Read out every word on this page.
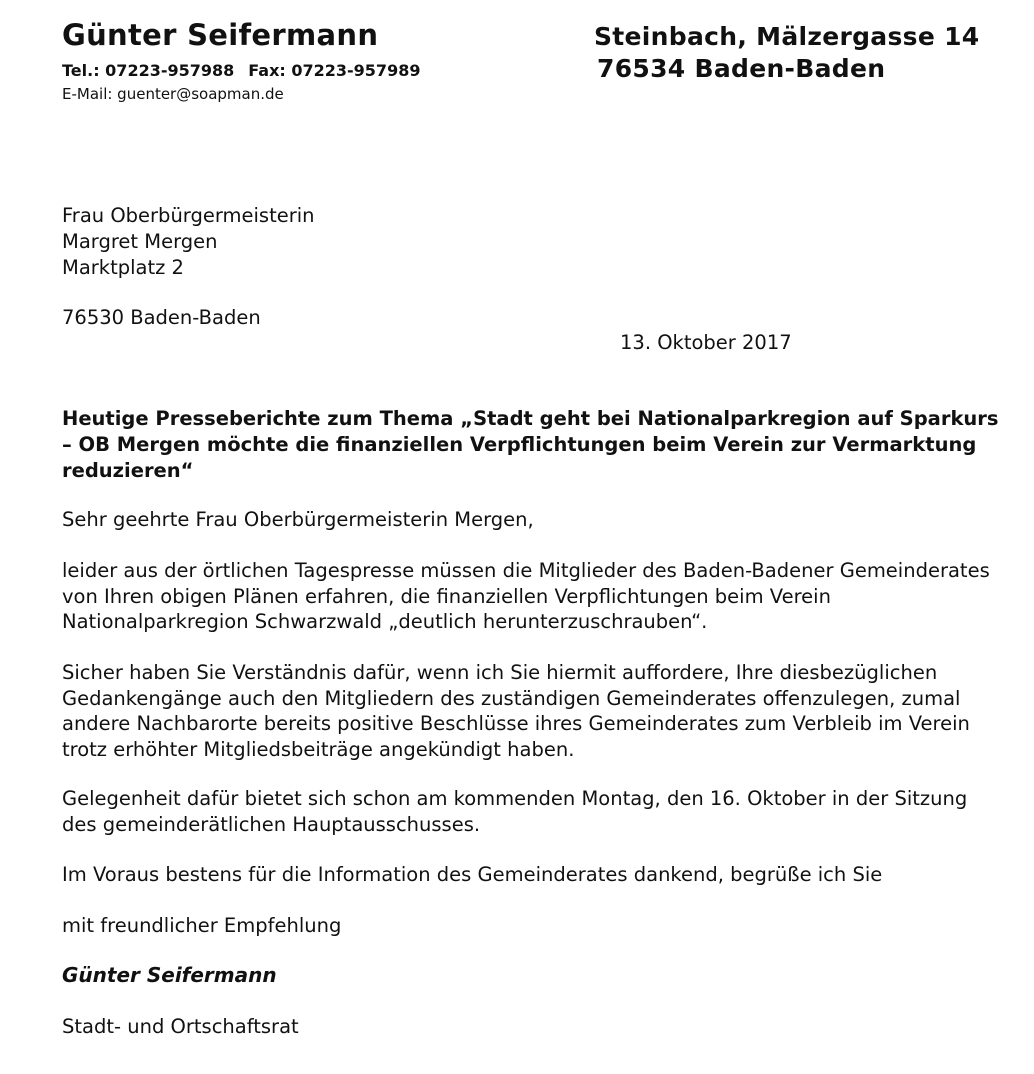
Günter Seifermann
Tel.: 07223-957988 Fax: 07223-957989
E-Mail: guenter@soapman.de
Steinbach, Mälzergasse 14
76534 Baden-Baden
Frau Oberbürgermeisterin
Margret Mergen
Marktplatz 2
76530 Baden-Baden
13. Oktober 2017
Heutige Presseberichte zum Thema „Stadt geht bei Nationalparkregion auf Sparkurs – OB Mergen möchte die finanziellen Verpflichtungen beim Verein zur Vermarktung reduzieren“
Sehr geehrte Frau Oberbürgermeisterin Mergen,
leider aus der örtlichen Tagespresse müssen die Mitglieder des Baden-Badener Gemeinderates von Ihren obigen Plänen erfahren, die finanziellen Verpflichtungen beim Verein Nationalparkregion Schwarzwald „deutlich herunterzuschrauben“.
Sicher haben Sie Verständnis dafür, wenn ich Sie hiermit auffordere, Ihre diesbezüglichen Gedankengänge auch den Mitgliedern des zuständigen Gemeinderates offenzulegen, zumal andere Nachbarorte bereits positive Beschlüsse ihres Gemeinderates zum Verbleib im Verein trotz erhöhter Mitgliedsbeiträge angekündigt haben.
Gelegenheit dafür bietet sich schon am kommenden Montag, den 16. Oktober in der Sitzung des gemeinderätlichen Hauptausschusses.
Im Voraus bestens für die Information des Gemeinderates dankend, begrüße ich Sie
mit freundlicher Empfehlung
Günter Seifermann
Stadt- und Ortschaftsrat
